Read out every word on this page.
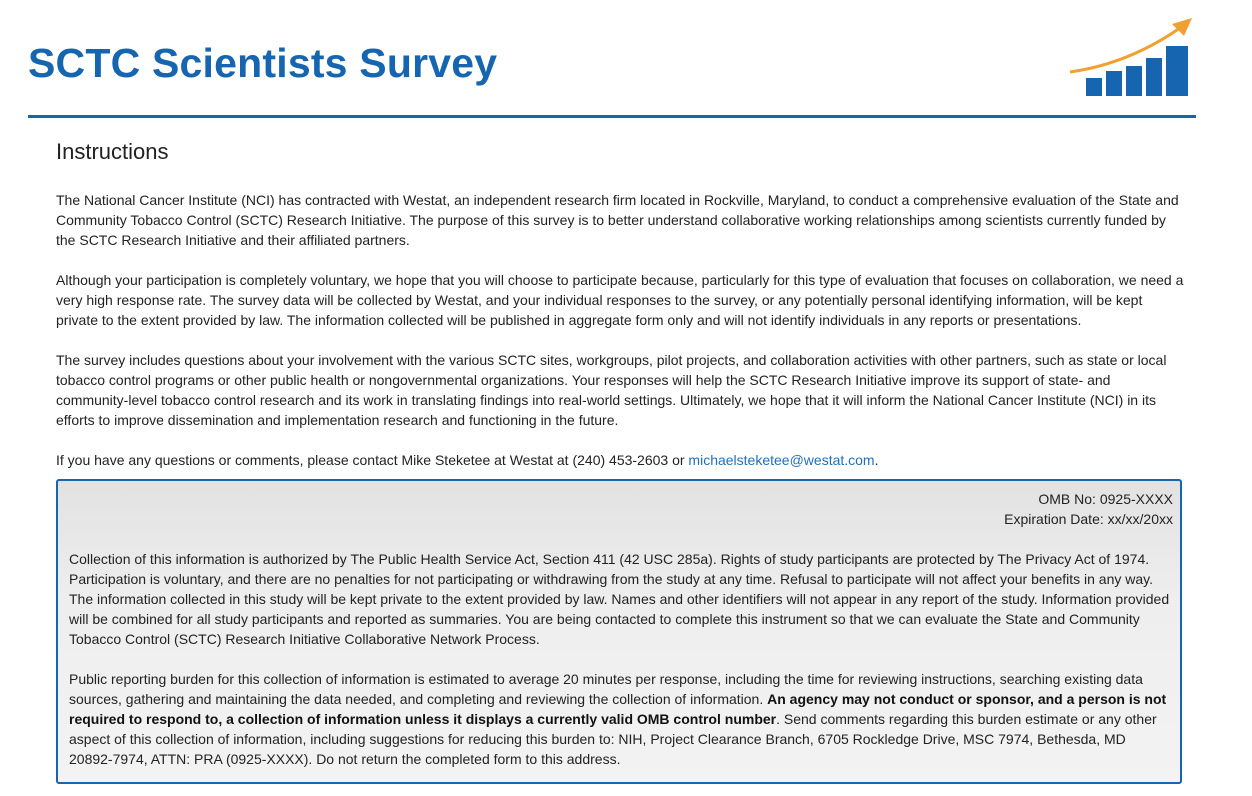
SCTC Scientists Survey
Instructions

The National Cancer Institute (NCI) has contracted with Westat, an independent research firm located in Rockville, Maryland, to conduct a comprehensive evaluation of the State and Community Tobacco Control (SCTC) Research Initiative. The purpose of this survey is to better understand collaborative working relationships among scientists currently funded by the SCTC Research Initiative and their affiliated partners.

Although your participation is completely voluntary, we hope that you will choose to participate because, particularly for this type of evaluation that focuses on collaboration, we need a very high response rate. The survey data will be collected by Westat, and your individual responses to the survey, or any potentially personal identifying information, will be kept private to the extent provided by law. The information collected will be published in aggregate form only and will not identify individuals in any reports or presentations.

The survey includes questions about your involvement with the various SCTC sites, workgroups, pilot projects, and collaboration activities with other partners, such as state or local tobacco control programs or other public health or nongovernmental organizations. Your responses will help the SCTC Research Initiative improve its support of state- and community-level tobacco control research and its work in translating findings into real-world settings. Ultimately, we hope that it will inform the National Cancer Institute (NCI) in its efforts to improve dissemination and implementation research and functioning in the future.

If you have any questions or comments, please contact Mike Steketee at Westat at (240) 453-2603 or michaelsteketee@westat.com.

OMB No: 0925-XXXX
Expiration Date: xx/xx/20xx

Collection of this information is authorized by The Public Health Service Act, Section 411 (42 USC 285a). Rights of study participants are protected by The Privacy Act of 1974. Participation is voluntary, and there are no penalties for not participating or withdrawing from the study at any time. Refusal to participate will not affect your benefits in any way. The information collected in this study will be kept private to the extent provided by law. Names and other identifiers will not appear in any report of the study. Information provided will be combined for all study participants and reported as summaries. You are being contacted to complete this instrument so that we can evaluate the State and Community Tobacco Control (SCTC) Research Initiative Collaborative Network Process.

Public reporting burden for this collection of information is estimated to average 20 minutes per response, including the time for reviewing instructions, searching existing data sources, gathering and maintaining the data needed, and completing and reviewing the collection of information. An agency may not conduct or sponsor, and a person is not required to respond to, a collection of information unless it displays a currently valid OMB control number. Send comments regarding this burden estimate or any other aspect of this collection of information, including suggestions for reducing this burden to: NIH, Project Clearance Branch, 6705 Rockledge Drive, MSC 7974, Bethesda, MD 20892-7974, ATTN: PRA (0925-XXXX). Do not return the completed form to this address.
